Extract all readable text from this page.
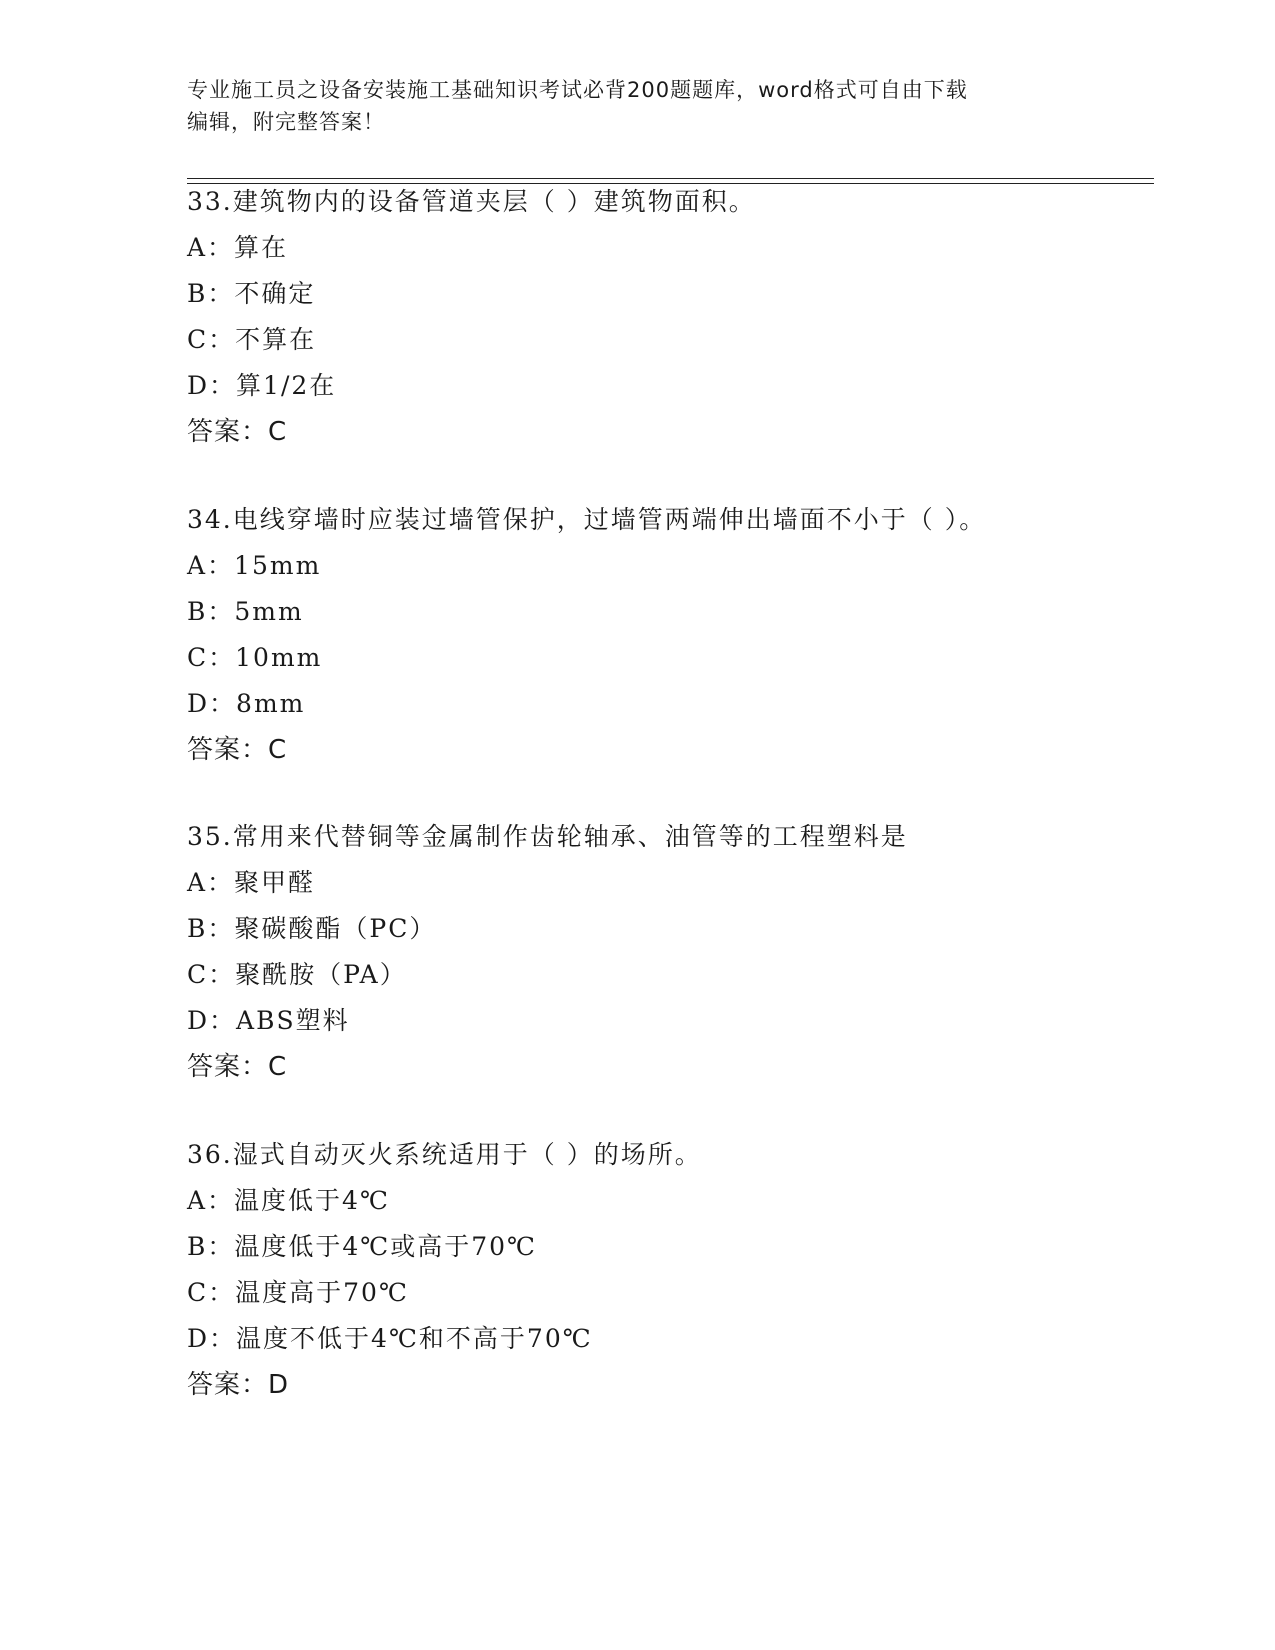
专业施工员之设备安装施工基础知识考试必背200题题库，word格式可自由下载
编辑，附完整答案！
33.建筑物内的设备管道夹层（ ）建筑物面积。
A：算在
B：不确定
C：不算在
D：算1/2在
答案：C
34.电线穿墙时应装过墙管保护，过墙管两端伸出墙面不小于（ ）。
A：15mm
B：5mm
C：10mm
D：8mm
答案：C
35.常用来代替铜等金属制作齿轮轴承、油管等的工程塑料是
A：聚甲醛
B：聚碳酸酯（PC）
C：聚酰胺（PA）
D：ABS塑料
答案：C
36.湿式自动灭火系统适用于（ ）的场所。
A：温度低于4℃
B：温度低于4℃或高于70℃
C：温度高于70℃
D：温度不低于4℃和不高于70℃
答案：D
